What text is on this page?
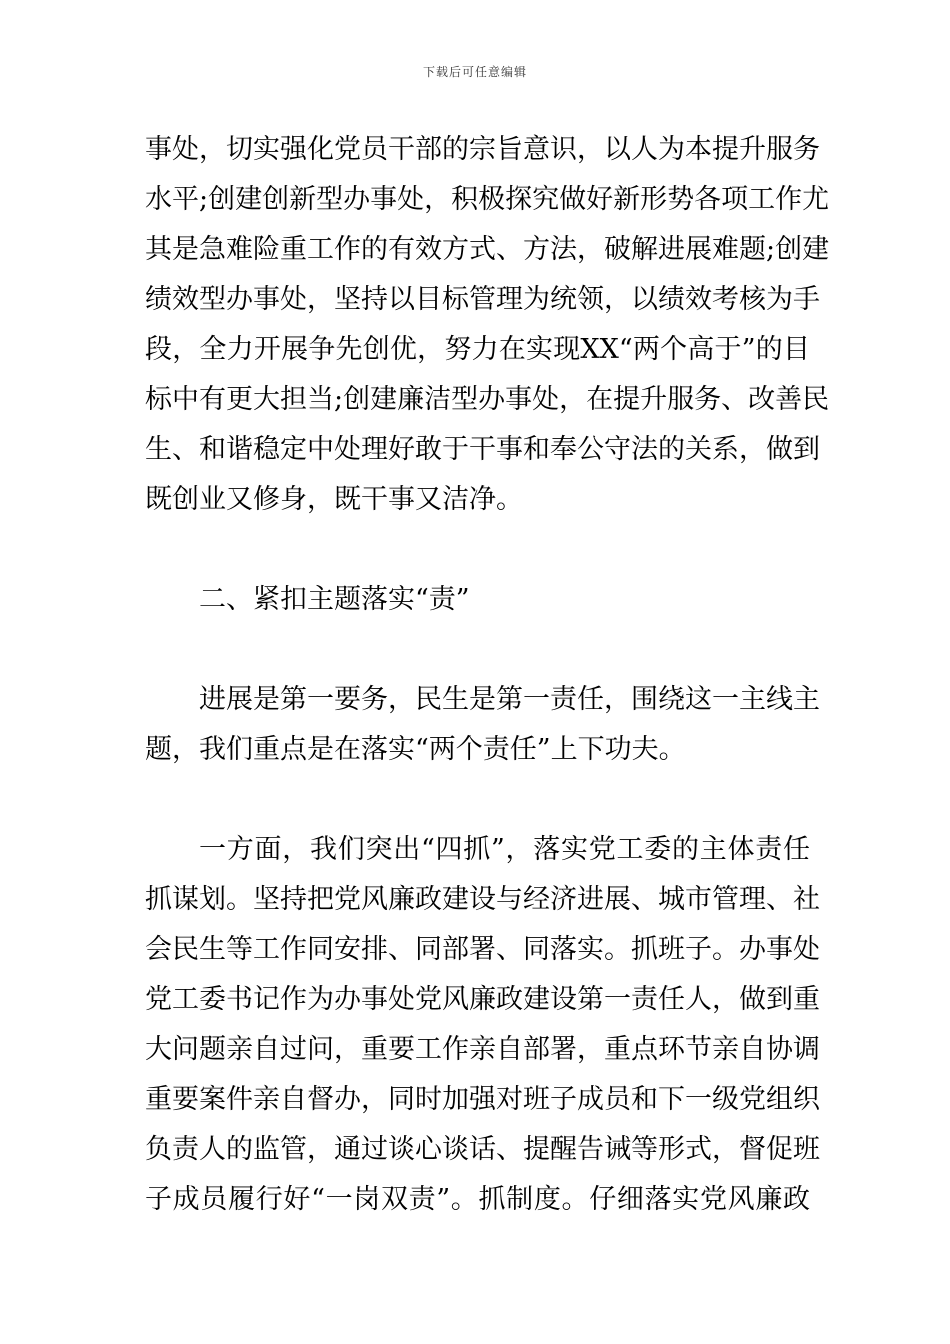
下载后可任意编辑
事处，切实强化党员干部的宗旨意识，以人为本提升服务
水平;创建创新型办事处，积极探究做好新形势各项工作尤
其是急难险重工作的有效方式、方法，破解进展难题;创建
绩效型办事处，坚持以目标管理为统领，以绩效考核为手
段，全力开展争先创优，努力在实现XX“两个高于”的目
标中有更大担当;创建廉洁型办事处，在提升服务、改善民
生、和谐稳定中处理好敢于干事和奉公守法的关系，做到
既创业又修身，既干事又洁净。
二、紧扣主题落实“责”
进展是第一要务，民生是第一责任，围绕这一主线主
题，我们重点是在落实“两个责任”上下功夫。
一方面，我们突出“四抓”，落实党工委的主体责任
抓谋划。坚持把党风廉政建设与经济进展、城市管理、社
会民生等工作同安排、同部署、同落实。抓班子。办事处
党工委书记作为办事处党风廉政建设第一责任人，做到重
大问题亲自过问，重要工作亲自部署，重点环节亲自协调
重要案件亲自督办，同时加强对班子成员和下一级党组织
负责人的监管，通过谈心谈话、提醒告诫等形式，督促班
子成员履行好“一岗双责”。抓制度。仔细落实党风廉政
